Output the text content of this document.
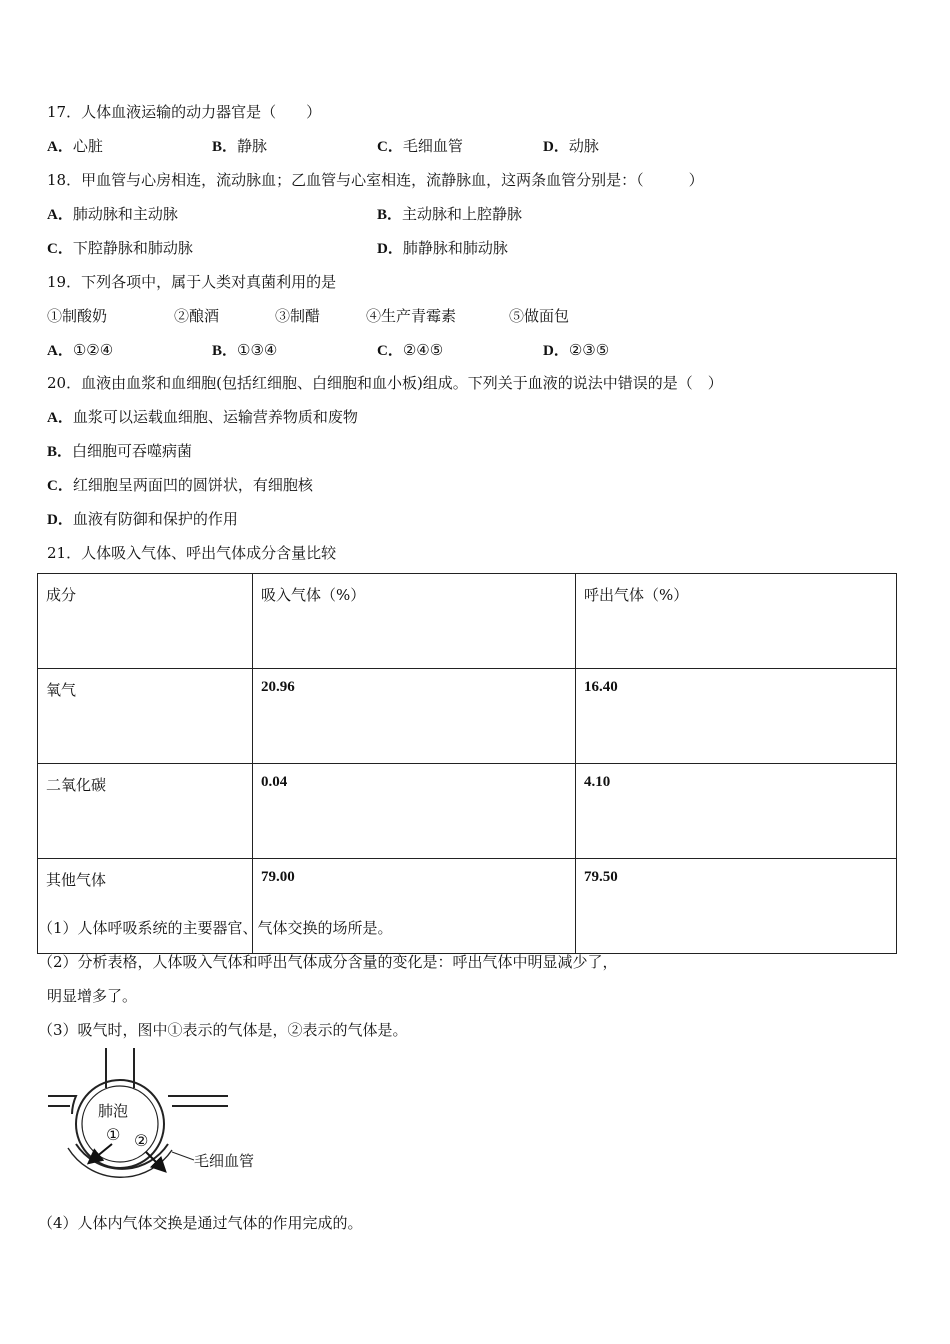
17．人体血液运输的动力器官是（　　）
A．心脏	B．静脉	C．毛细血管	D．动脉
18．甲血管与心房相连，流动脉血；乙血管与心室相连，流静脉血，这两条血管分别是：（　　　）
A．肺动脉和主动脉	B．主动脉和上腔静脉
C．下腔静脉和肺动脉	D．肺静脉和肺动脉
19．下列各项中，属于人类对真菌利用的是
①制酸奶	②酿酒	③制醋	④生产青霉素	⑤做面包
A．①②④	B．①③④	C．②④⑤	D．②③⑤
20．血液由血浆和血细胞(包括红细胞、白细胞和血小板)组成。下列关于血液的说法中错误的是（　）
A．血浆可以运载血细胞、运输营养物质和废物
B．白细胞可吞噬病菌
C．红细胞呈两面凹的圆饼状，有细胞核
D．血液有防御和保护的作用
21．人体吸入气体、呼出气体成分含量比较
成分	吸入气体（%）	呼出气体（%）
氧气	20.96	16.40
二氧化碳	0.04	4.10
其他气体	79.00	79.50
（1）人体呼吸系统的主要器官、气体交换的场所是。
（2）分析表格，人体吸入气体和呼出气体成分含量的变化是：呼出气体中明显减少了，
明显增多了。
（3）吸气时，图中①表示的气体是，②表示的气体是。
肺泡
① ②
毛细血管
（4）人体内气体交换是通过气体的作用完成的。
